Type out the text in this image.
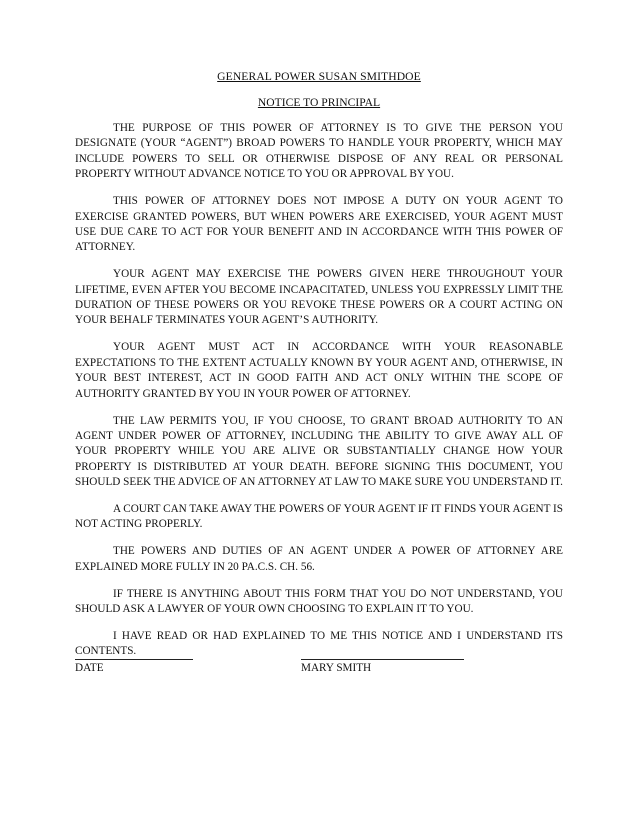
GENERAL POWER SUSAN SMITHDOE

NOTICE TO PRINCIPAL

THE PURPOSE OF THIS POWER OF ATTORNEY IS TO GIVE THE PERSON YOU DESIGNATE (YOUR “AGENT”) BROAD POWERS TO HANDLE YOUR PROPERTY, WHICH MAY INCLUDE POWERS TO SELL OR OTHERWISE DISPOSE OF ANY REAL OR PERSONAL PROPERTY WITHOUT ADVANCE NOTICE TO YOU OR APPROVAL BY YOU.

THIS POWER OF ATTORNEY DOES NOT IMPOSE A DUTY ON YOUR AGENT TO EXERCISE GRANTED POWERS, BUT WHEN POWERS ARE EXERCISED, YOUR AGENT MUST USE DUE CARE TO ACT FOR YOUR BENEFIT AND IN ACCORDANCE WITH THIS POWER OF ATTORNEY.

YOUR AGENT MAY EXERCISE THE POWERS GIVEN HERE THROUGHOUT YOUR LIFETIME, EVEN AFTER YOU BECOME INCAPACITATED, UNLESS YOU EXPRESSLY LIMIT THE DURATION OF THESE POWERS OR YOU REVOKE THESE POWERS OR A COURT ACTING ON YOUR BEHALF TERMINATES YOUR AGENT’S AUTHORITY.

YOUR AGENT MUST ACT IN ACCORDANCE WITH YOUR REASONABLE EXPECTATIONS TO THE EXTENT ACTUALLY KNOWN BY YOUR AGENT AND, OTHERWISE, IN YOUR BEST INTEREST, ACT IN GOOD FAITH AND ACT ONLY WITHIN THE SCOPE OF AUTHORITY GRANTED BY YOU IN YOUR POWER OF ATTORNEY.

THE LAW PERMITS YOU, IF YOU CHOOSE, TO GRANT BROAD AUTHORITY TO AN AGENT UNDER POWER OF ATTORNEY, INCLUDING THE ABILITY TO GIVE AWAY ALL OF YOUR PROPERTY WHILE YOU ARE ALIVE OR SUBSTANTIALLY CHANGE HOW YOUR PROPERTY IS DISTRIBUTED AT YOUR DEATH. BEFORE SIGNING THIS DOCUMENT, YOU SHOULD SEEK THE ADVICE OF AN ATTORNEY AT LAW TO MAKE SURE YOU UNDERSTAND IT.

A COURT CAN TAKE AWAY THE POWERS OF YOUR AGENT IF IT FINDS YOUR AGENT IS NOT ACTING PROPERLY.

THE POWERS AND DUTIES OF AN AGENT UNDER A POWER OF ATTORNEY ARE EXPLAINED MORE FULLY IN 20 PA.C.S. CH. 56.

IF THERE IS ANYTHING ABOUT THIS FORM THAT YOU DO NOT UNDERSTAND, YOU SHOULD ASK A LAWYER OF YOUR OWN CHOOSING TO EXPLAIN IT TO YOU.

I HAVE READ OR HAD EXPLAINED TO ME THIS NOTICE AND I UNDERSTAND ITS CONTENTS.

DATE	MARY SMITH
